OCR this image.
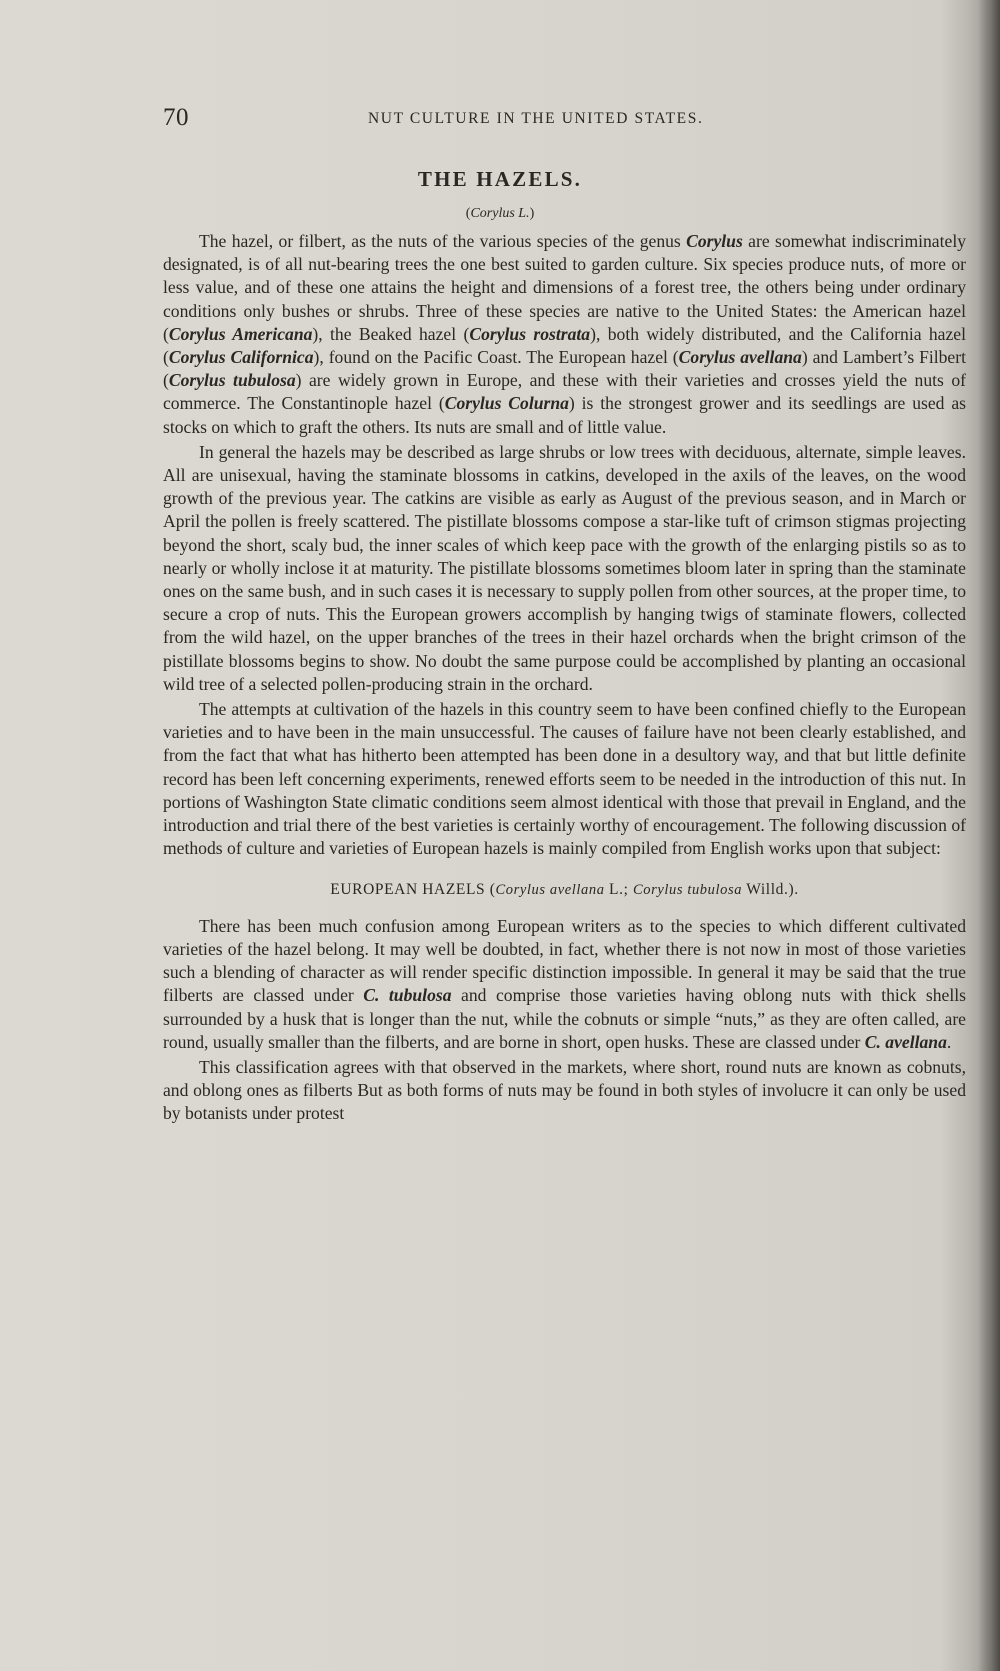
70	NUT CULTURE IN THE UNITED STATES.
THE HAZELS.
(Corylus L.)

The hazel, or filbert, as the nuts of the various species of the genus Corylus are somewhat indiscriminately designated, is of all nut-bearing trees the one best suited to garden culture. Six species produce nuts, of more or less value, and of these one attains the height and dimensions of a forest tree, the others being under ordinary conditions only bushes or shrubs. Three of these species are native to the United States: the American hazel (Corylus Americana), the Beaked hazel (Corylus rostrata), both widely distributed, and the California hazel (Corylus Californica), found on the Pacific Coast. The European hazel (Corylus avellana) and Lambert’s Filbert (Corylus tubulosa) are widely grown in Europe, and these with their varieties and crosses yield the nuts of commerce. The Constantinople hazel (Corylus Colurna) is the strongest grower and its seedlings are used as stocks on which to graft the others. Its nuts are small and of little value.

In general the hazels may be described as large shrubs or low trees with deciduous, alternate, simple leaves. All are unisexual, having the staminate blossoms in catkins, developed in the axils of the leaves, on the wood growth of the previous year. The catkins are visible as early as August of the previous season, and in March or April the pollen is freely scattered. The pistillate blossoms compose a star-like tuft of crimson stigmas projecting beyond the short, scaly bud, the inner scales of which keep pace with the growth of the enlarging pistils so as to nearly or wholly inclose it at maturity. The pistillate blossoms sometimes bloom later in spring than the staminate ones on the same bush, and in such cases it is necessary to supply pollen from other sources, at the proper time, to secure a crop of nuts. This the European growers accomplish by hanging twigs of staminate flowers, collected from the wild hazel, on the upper branches of the trees in their hazel orchards when the bright crimson of the pistillate blossoms begins to show. No doubt the same purpose could be accomplished by planting an occasional wild tree of a selected pollen-producing strain in the orchard.

The attempts at cultivation of the hazels in this country seem to have been confined chiefly to the European varieties and to have been in the main unsuccessful. The causes of failure have not been clearly established, and from the fact that what has hitherto been attempted has been done in a desultory way, and that but little definite record has been left concerning experiments, renewed efforts seem to be needed in the introduction of this nut. In portions of Washington State climatic conditions seem almost identical with those that prevail in England, and the introduction and trial there of the best varieties is certainly worthy of encouragement. The following discussion of methods of culture and varieties of European hazels is mainly compiled from English works upon that subject:

EUROPEAN HAZELS (Corylus avellana L.; Corylus tubulosa Willd.).

There has been much confusion among European writers as to the species to which different cultivated varieties of the hazel belong. It may well be doubted, in fact, whether there is not now in most of those varieties such a blending of character as will render specific distinction impossible. In general it may be said that the true filberts are classed under C. tubulosa and comprise those varieties having oblong nuts with thick shells surrounded by a husk that is longer than the nut, while the cobnuts or simple “nuts,” as they are often called, are round, usually smaller than the filberts, and are borne in short, open husks. These are classed under C. avellana.

This classification agrees with that observed in the markets, where short, round nuts are known as cobnuts, and oblong ones as filberts But as both forms of nuts may be found in both styles of involucre it can only be used by botanists under protest
